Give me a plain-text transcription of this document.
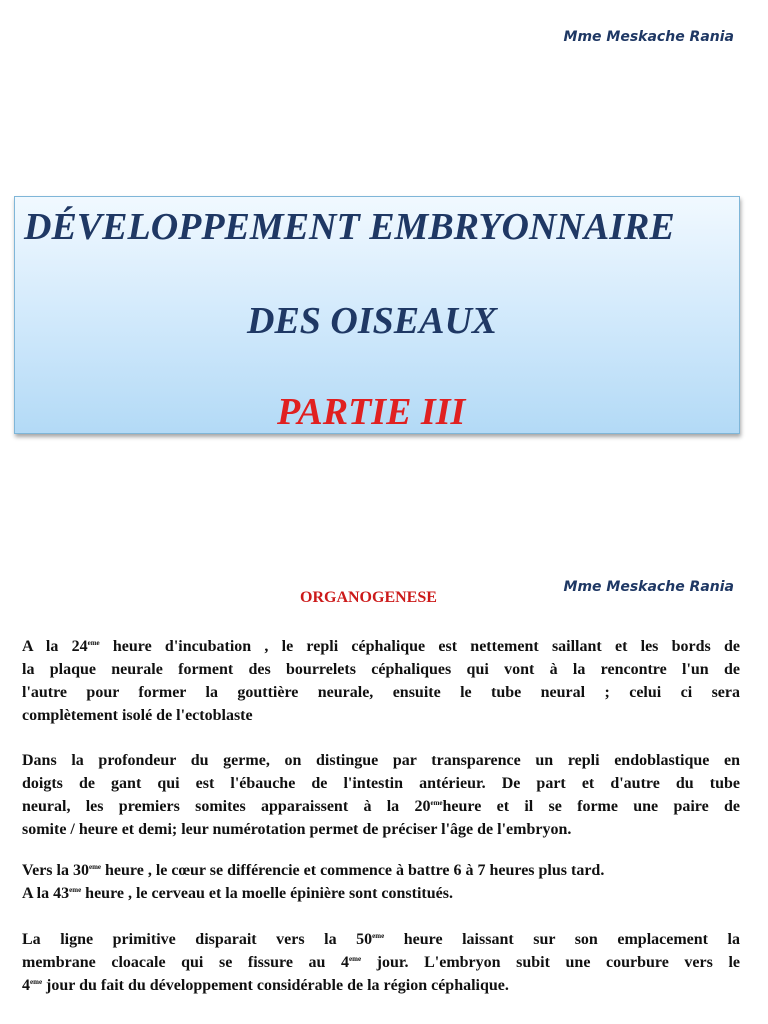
Mme Meskache Rania
DÉVELOPPEMENT EMBRYONNAIRE
DES OISEAUX
PARTIE III
Mme Meskache Rania
ORGANOGENESE
A la 24eme heure d'incubation , le repli céphalique est nettement saillant et les bords de
la plaque neurale forment des bourrelets céphaliques qui vont à la rencontre l'un de
l'autre pour former la gouttière neurale, ensuite le tube neural ; celui ci sera
complètement isolé de l'ectoblaste
Dans la profondeur du germe, on distingue par transparence un repli endoblastique en
doigts de gant qui est l'ébauche de l'intestin antérieur. De part et d'autre du tube
neural, les premiers somites apparaissent à la 20emeheure et il se forme une paire de
somite / heure et demi; leur numérotation permet de préciser l'âge de l'embryon.
Vers la 30eme heure , le cœur se différencie et commence à battre 6 à 7 heures plus tard.
A la 43eme heure , le cerveau et la moelle épinière sont constitués.
La ligne primitive disparait vers la 50eme heure laissant sur son emplacement la
membrane cloacale qui se fissure au 4eme jour. L'embryon subit une courbure vers le
4eme jour du fait du développement considérable de la région céphalique.
